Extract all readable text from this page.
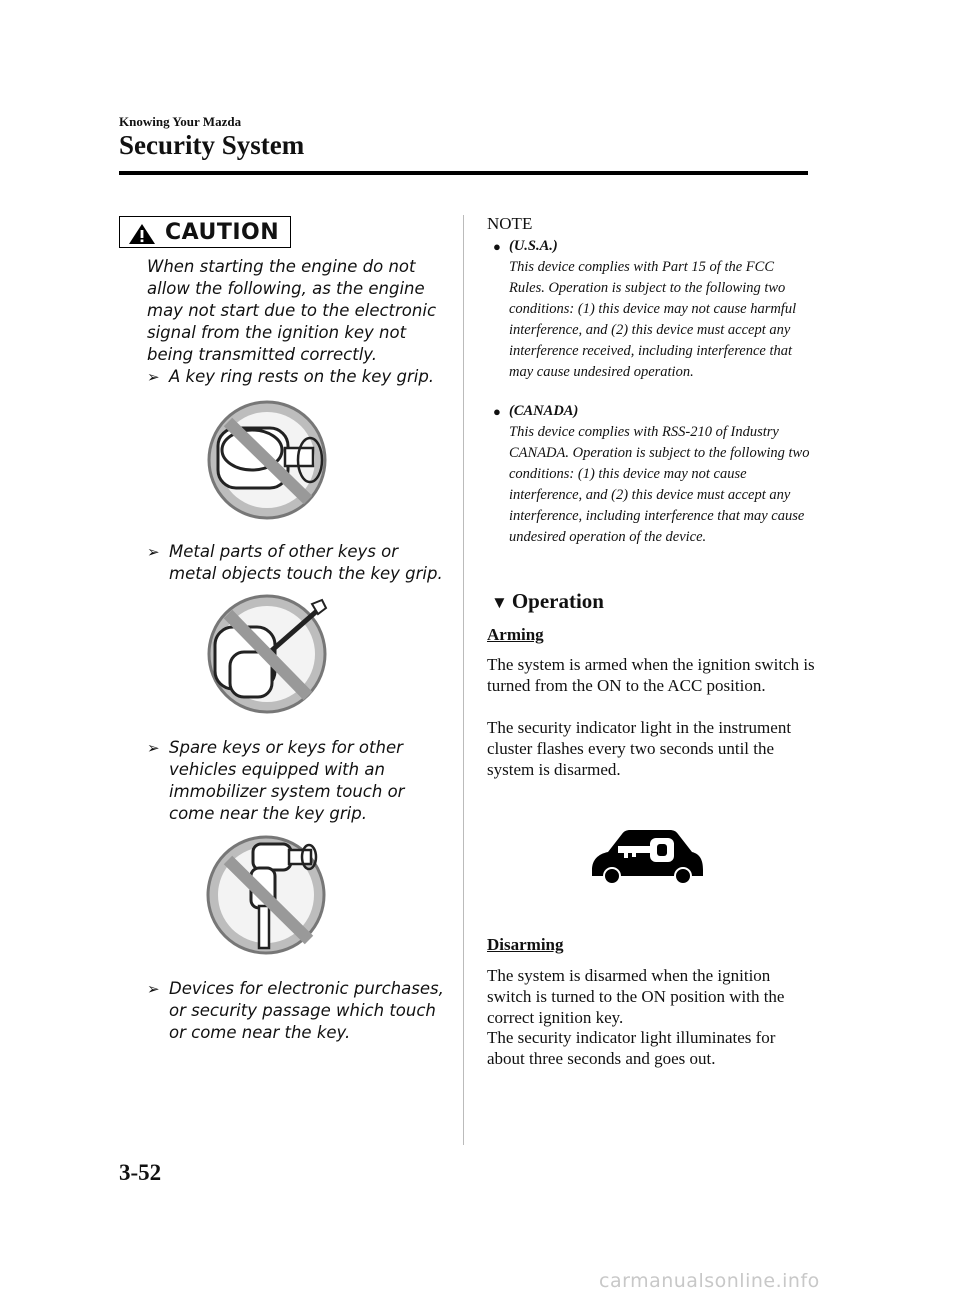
Knowing Your Mazda
Security System
CAUTION
When starting the engine do not allow the following, as the engine may not start due to the electronic signal from the ignition key not being transmitted correctly.
➢ A key ring rests on the key grip.
➢ Metal parts of other keys or metal objects touch the key grip.
➢ Spare keys or keys for other vehicles equipped with an immobilizer system touch or come near the key grip.
➢ Devices for electronic purchases, or security passage which touch or come near the key.
NOTE
● (U.S.A.)
This device complies with Part 15 of the FCC Rules. Operation is subject to the following two conditions: (1) this device may not cause harmful interference, and (2) this device must accept any interference received, including interference that may cause undesired operation.
● (CANADA)
This device complies with RSS-210 of Industry CANADA. Operation is subject to the following two conditions: (1) this device may not cause interference, and (2) this device must accept any interference, including interference that may cause undesired operation of the device.
▼ Operation
Arming
The system is armed when the ignition switch is turned from the ON to the ACC position.
The security indicator light in the instrument cluster flashes every two seconds until the system is disarmed.
Disarming
The system is disarmed when the ignition switch is turned to the ON position with the correct ignition key.
The security indicator light illuminates for about three seconds and goes out.
3-52
carmanualsonline.info
